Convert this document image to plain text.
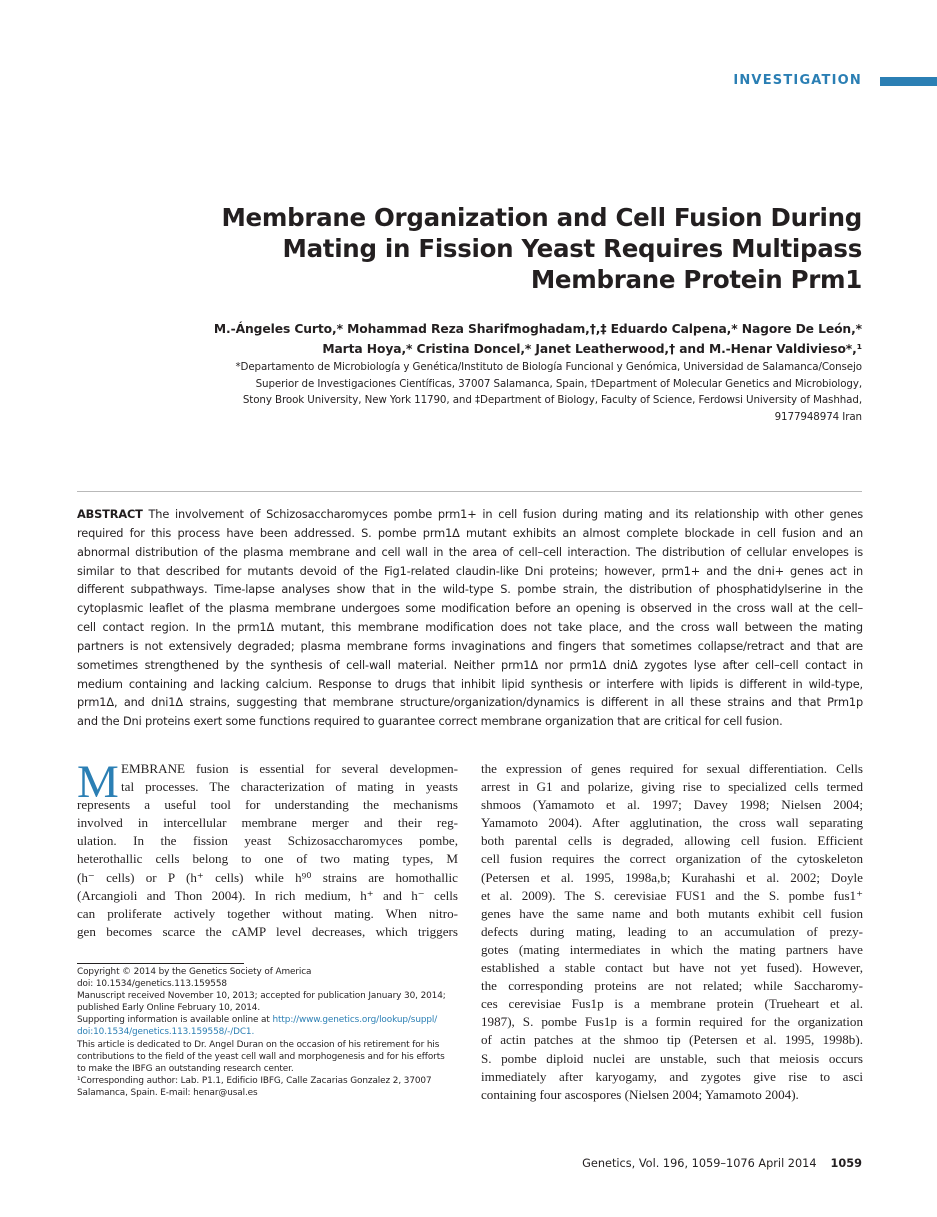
INVESTIGATION
Membrane Organization and Cell Fusion During
Mating in Fission Yeast Requires Multipass
Membrane Protein Prm1
M.-Ángeles Curto,* Mohammad Reza Sharifmoghadam,†,‡ Eduardo Calpena,* Nagore De León,*
Marta Hoya,* Cristina Doncel,* Janet Leatherwood,† and M.-Henar Valdivieso*,¹
*Departamento de Microbiología y Genética/Instituto de Biología Funcional y Genómica, Universidad de Salamanca/Consejo
Superior de Investigaciones Científicas, 37007 Salamanca, Spain, †Department of Molecular Genetics and Microbiology,
Stony Brook University, New York 11790, and ‡Department of Biology, Faculty of Science, Ferdowsi University of Mashhad,
9177948974 Iran
ABSTRACT The involvement of Schizosaccharomyces pombe prm1+ in cell fusion during mating and its relationship with other genes
required for this process have been addressed. S. pombe prm1Δ mutant exhibits an almost complete blockade in cell fusion and an
abnormal distribution of the plasma membrane and cell wall in the area of cell–cell interaction. The distribution of cellular envelopes is
similar to that described for mutants devoid of the Fig1-related claudin-like Dni proteins; however, prm1+ and the dni+ genes act in
different subpathways. Time-lapse analyses show that in the wild-type S. pombe strain, the distribution of phosphatidylserine in the
cytoplasmic leaflet of the plasma membrane undergoes some modification before an opening is observed in the cross wall at the cell–
cell contact region. In the prm1Δ mutant, this membrane modification does not take place, and the cross wall between the mating
partners is not extensively degraded; plasma membrane forms invaginations and fingers that sometimes collapse/retract and that are
sometimes strengthened by the synthesis of cell-wall material. Neither prm1Δ nor prm1Δ dniΔ zygotes lyse after cell–cell contact in
medium containing and lacking calcium. Response to drugs that inhibit lipid synthesis or interfere with lipids is different in wild-type,
prm1Δ, and dni1Δ strains, suggesting that membrane structure/organization/dynamics is different in all these strains and that Prm1p
and the Dni proteins exert some functions required to guarantee correct membrane organization that are critical for cell fusion.
M EMBRANE fusion is essential for several developmen-
tal processes. The characterization of mating in yeasts
represents a useful tool for understanding the mechanisms
involved in intercellular membrane merger and their reg-
ulation. In the fission yeast Schizosaccharomyces pombe,
heterothallic cells belong to one of two mating types, M
(h⁻ cells) or P (h⁺ cells) while h⁹⁰ strains are homothallic
(Arcangioli and Thon 2004). In rich medium, h⁺ and h⁻ cells
can proliferate actively together without mating. When nitro-
gen becomes scarce the cAMP level decreases, which triggers
Copyright © 2014 by the Genetics Society of America
doi: 10.1534/genetics.113.159558
Manuscript received November 10, 2013; accepted for publication January 30, 2014;
published Early Online February 10, 2014.
Supporting information is available online at http://www.genetics.org/lookup/suppl/
doi:10.1534/genetics.113.159558/-/DC1.
This article is dedicated to Dr. Angel Duran on the occasion of his retirement for his
contributions to the field of the yeast cell wall and morphogenesis and for his efforts
to make the IBFG an outstanding research center.
¹Corresponding author: Lab. P1.1, Edificio IBFG, Calle Zacarias Gonzalez 2, 37007
Salamanca, Spain. E-mail: henar@usal.es
the expression of genes required for sexual differentiation. Cells
arrest in G1 and polarize, giving rise to specialized cells termed
shmoos (Yamamoto et al. 1997; Davey 1998; Nielsen 2004;
Yamamoto 2004). After agglutination, the cross wall separating
both parental cells is degraded, allowing cell fusion. Efficient
cell fusion requires the correct organization of the cytoskeleton
(Petersen et al. 1995, 1998a,b; Kurahashi et al. 2002; Doyle
et al. 2009). The S. cerevisiae FUS1 and the S. pombe fus1⁺
genes have the same name and both mutants exhibit cell fusion
defects during mating, leading to an accumulation of prezy-
gotes (mating intermediates in which the mating partners have
established a stable contact but have not yet fused). However,
the corresponding proteins are not related; while Saccharomy-
ces cerevisiae Fus1p is a membrane protein (Trueheart et al.
1987), S. pombe Fus1p is a formin required for the organization
of actin patches at the shmoo tip (Petersen et al. 1995, 1998b).
S. pombe diploid nuclei are unstable, such that meiosis occurs
immediately after karyogamy, and zygotes give rise to asci
containing four ascospores (Nielsen 2004; Yamamoto 2004).
Genetics, Vol. 196, 1059–1076 April 2014 1059
